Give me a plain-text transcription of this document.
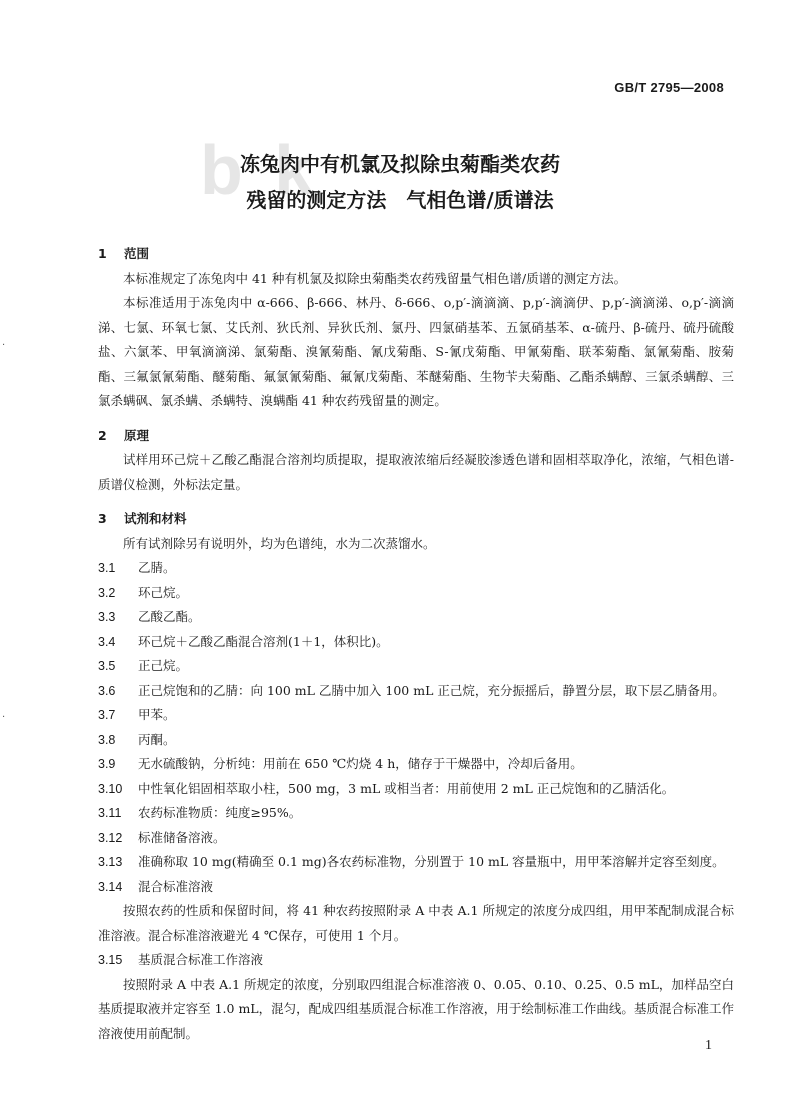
GB/T 2795—2008
b k
冻兔肉中有机氯及拟除虫菊酯类农药
残留的测定方法　气相色谱/质谱法
·
·

1 范围

本标准规定了冻兔肉中 41 种有机氯及拟除虫菊酯类农药残留量气相色谱/质谱的测定方法。

本标准适用于冻兔肉中 α-666、β-666、林丹、δ-666、o,p′-滴滴滴、p,p′-滴滴伊、p,p′-滴滴涕、o,p′-滴滴涕、七氯、环氧七氯、艾氏剂、狄氏剂、异狄氏剂、氯丹、四氯硝基苯、五氯硝基苯、α-硫丹、β-硫丹、硫丹硫酸盐、六氯苯、甲氧滴滴涕、氯菊酯、溴氰菊酯、氰戊菊酯、S-氰戊菊酯、甲氰菊酯、联苯菊酯、氯氰菊酯、胺菊酯、三氟氯氰菊酯、醚菊酯、氟氯氰菊酯、氟氰戊菊酯、苯醚菊酯、生物苄夫菊酯、乙酯杀螨醇、三氯杀螨醇、三氯杀螨砜、氯杀螨、杀螨特、溴螨酯 41 种农药残留量的测定。

2 原理

试样用环己烷＋乙酸乙酯混合溶剂均质提取，提取液浓缩后经凝胶渗透色谱和固相萃取净化，浓缩，气相色谱-质谱仪检测，外标法定量。

3 试剂和材料

所有试剂除另有说明外，均为色谱纯，水为二次蒸馏水。

3.1 乙腈。

3.2 环己烷。

3.3 乙酸乙酯。

3.4 环己烷＋乙酸乙酯混合溶剂(1＋1，体积比)。

3.5 正己烷。

3.6 正己烷饱和的乙腈：向 100 mL 乙腈中加入 100 mL 正己烷，充分振摇后，静置分层，取下层乙腈备用。

3.7 甲苯。

3.8 丙酮。

3.9 无水硫酸钠，分析纯：用前在 650 ℃灼烧 4 h，储存于干燥器中，冷却后备用。

3.10 中性氧化铝固相萃取小柱，500 mg，3 mL 或相当者：用前使用 2 mL 正己烷饱和的乙腈活化。

3.11 农药标准物质：纯度≥95%。

3.12 标准储备溶液。

3.13 准确称取 10 mg(精确至 0.1 mg)各农药标准物，分别置于 10 mL 容量瓶中，用甲苯溶解并定容至刻度。

3.14 混合标准溶液

按照农药的性质和保留时间，将 41 种农药按照附录 A 中表 A.1 所规定的浓度分成四组，用甲苯配制成混合标准溶液。混合标准溶液避光 4 ℃保存，可使用 1 个月。

3.15 基质混合标准工作溶液

按照附录 A 中表 A.1 所规定的浓度，分别取四组混合标准溶液 0、0.05、0.10、0.25、0.5 mL，加样品空白基质提取液并定容至 1.0 mL，混匀，配成四组基质混合标准工作溶液，用于绘制标准工作曲线。基质混合标准工作溶液使用前配制。

1
